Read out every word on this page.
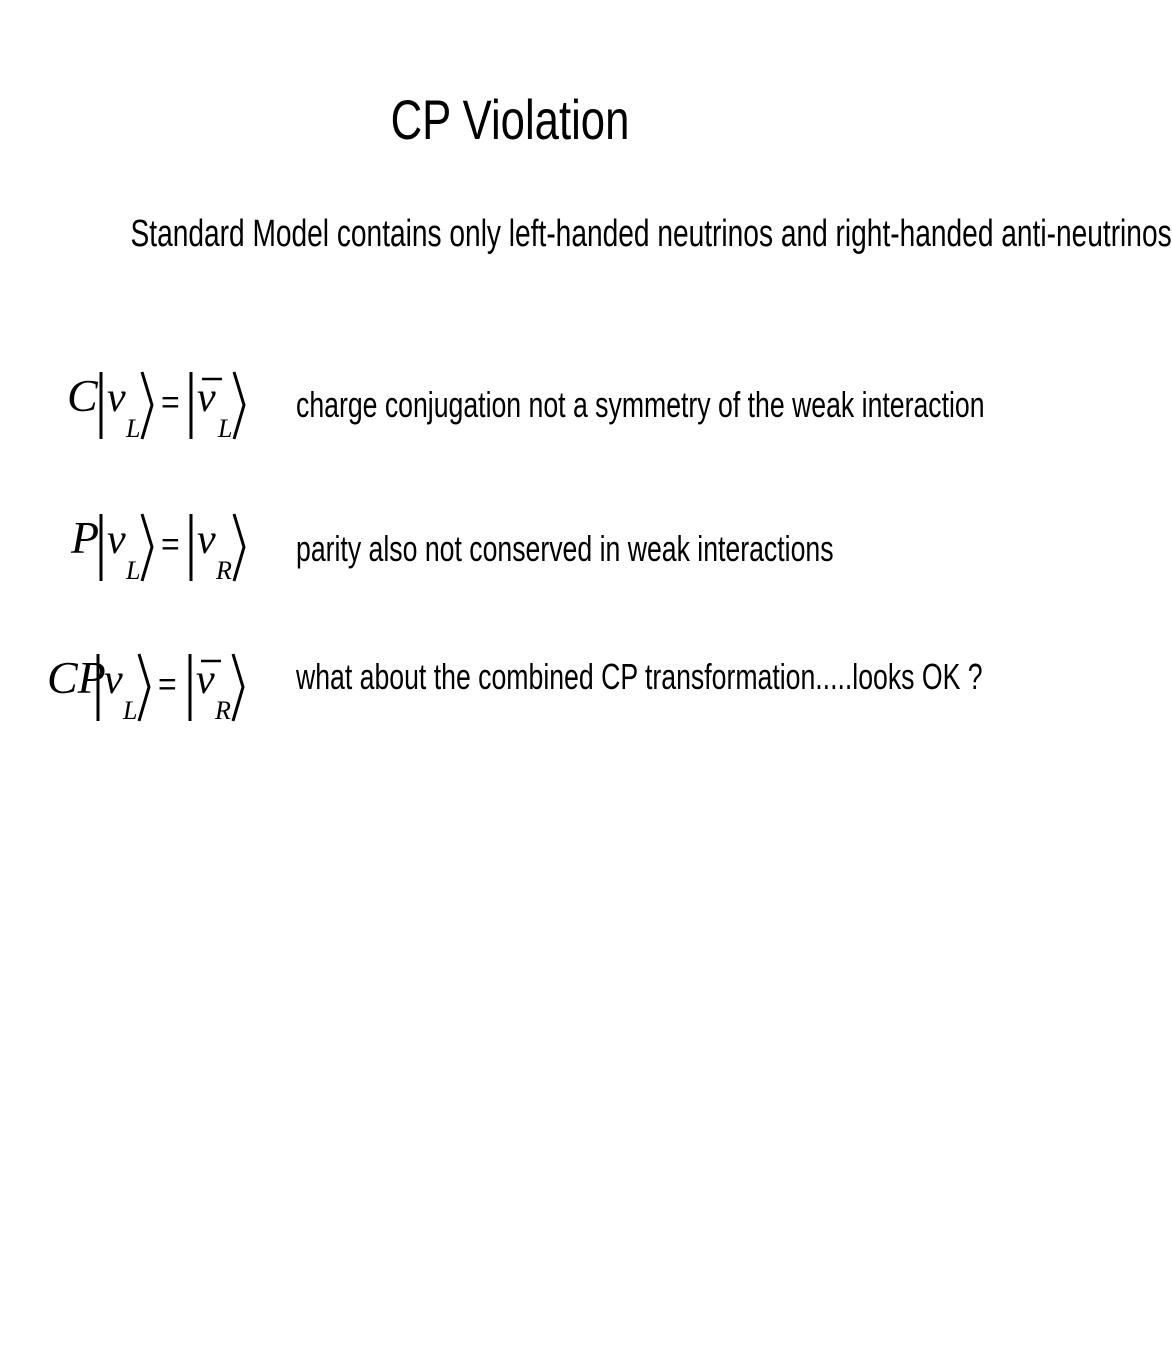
CP Violation
Standard Model contains only left-handed neutrinos and right-handed anti-neutrinos
C ν
L
= ν
L
charge conjugation not a symmetry of the weak interaction
P ν
L
= ν
R
parity also not conserved in weak interactions
CP
ν
L
= ν
R
what about the combined CP transformation.....looks OK ?
